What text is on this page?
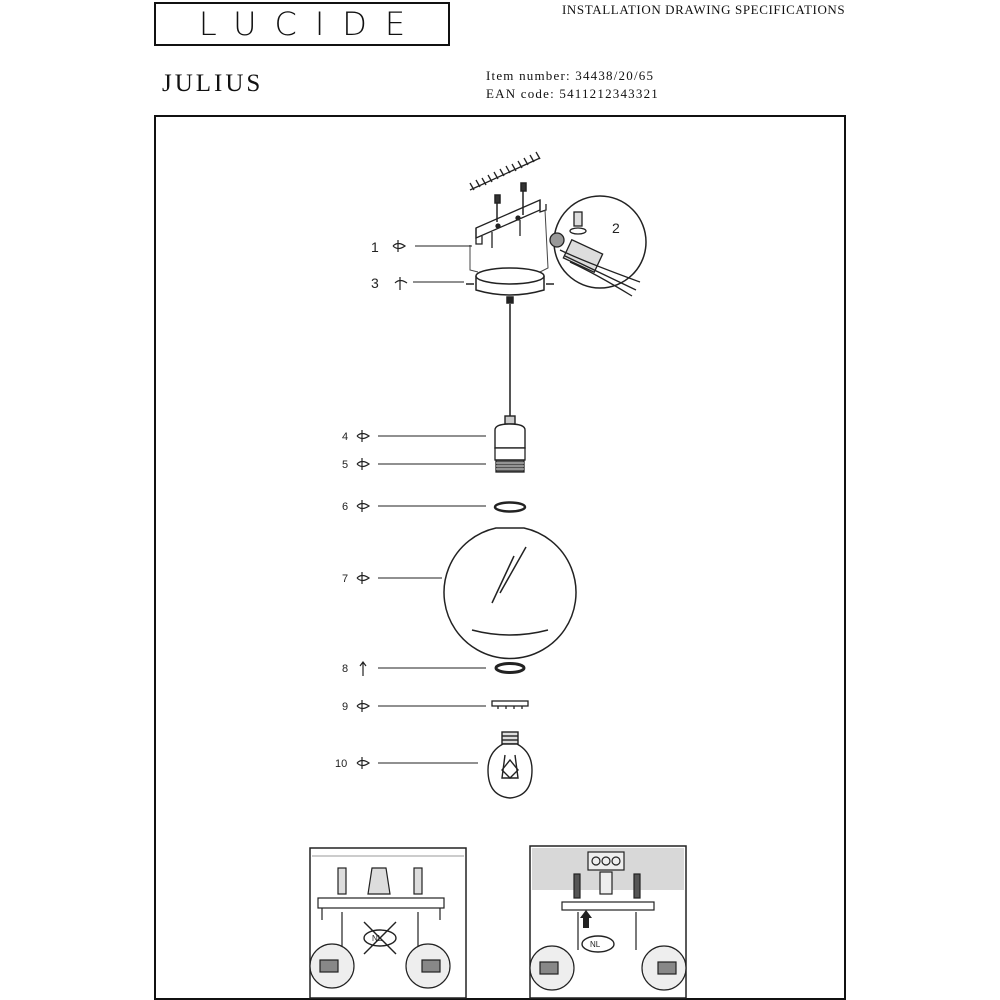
LUCIDE	INSTALLATION DRAWING SPECIFICATIONS
JULIUS	Item number: 34438/20/65
EAN code: 5411212343321
2
1
3
4
5
6
7
8
9
10
NL
NL
